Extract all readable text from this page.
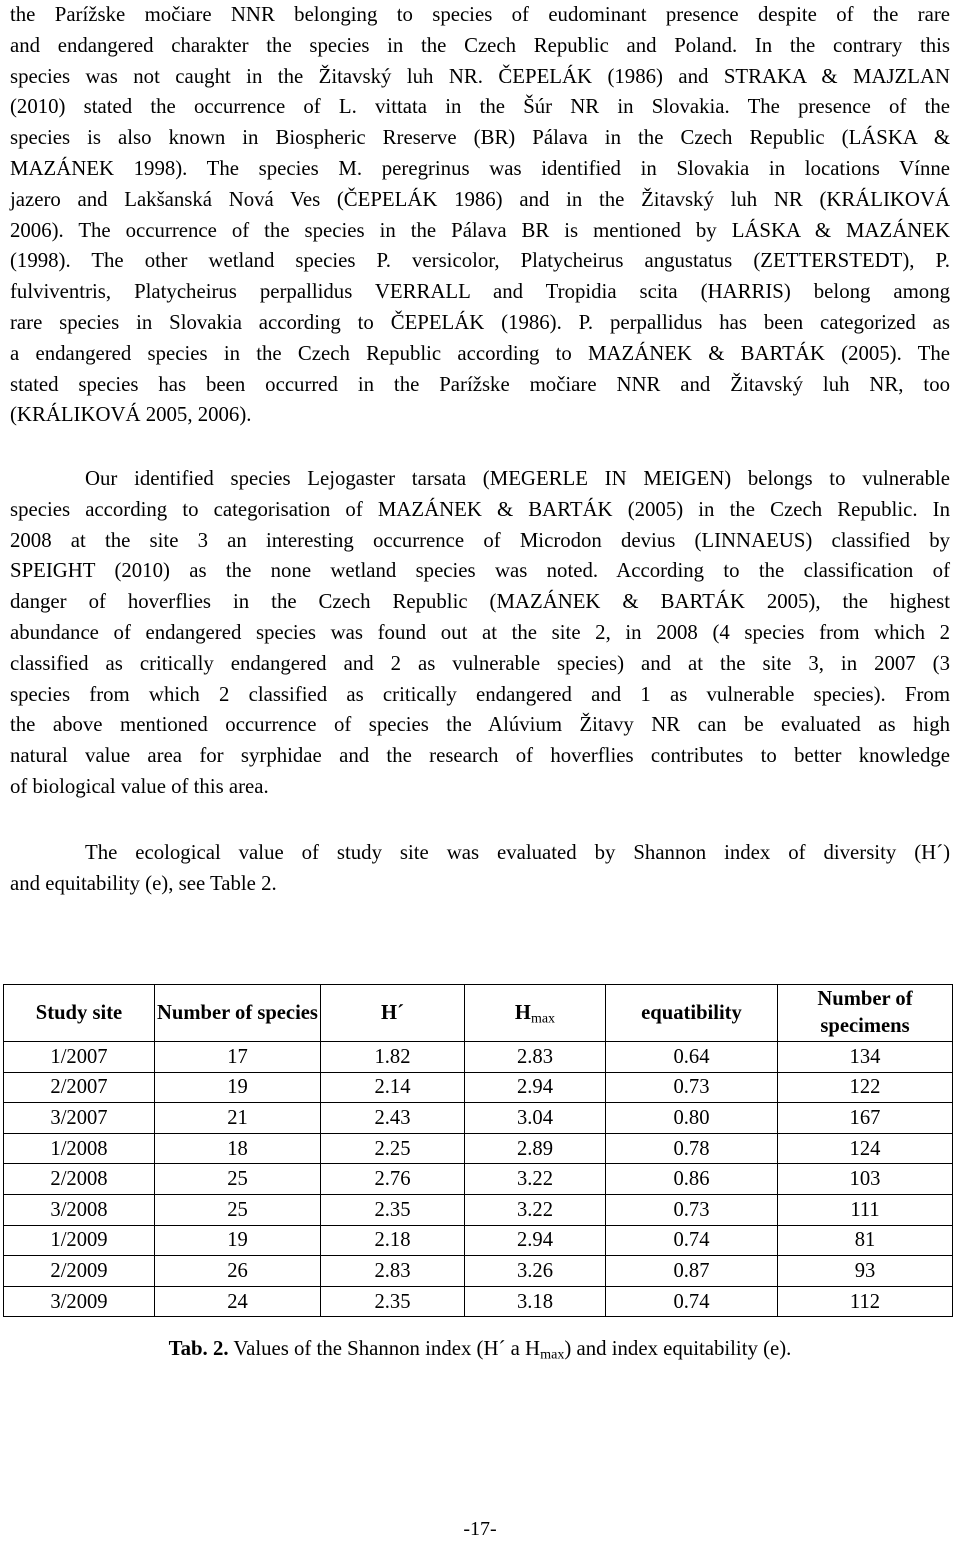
the Parížske močiare NNR belonging to species of eudominant presence despite of the rare
and endangered charakter the species in the Czech Republic and Poland. In the contrary this
species was not caught in the Žitavský luh NR. ČEPELÁK (1986) and STRAKA & MAJZLAN
(2010) stated the occurrence of L. vittata in the Šúr NR in Slovakia. The presence of the
species is also known in Biospheric Rreserve (BR) Pálava in the Czech Republic (LÁSKA &
MAZÁNEK 1998). The species M. peregrinus was identified in Slovakia in locations Vínne
jazero and Lakšanská Nová Ves (ČEPELÁK 1986) and in the Žitavský luh NR (KRÁLIKOVÁ
2006). The occurrence of the species in the Pálava BR is mentioned by LÁSKA & MAZÁNEK
(1998). The other wetland species P. versicolor, Platycheirus angustatus (ZETTERSTEDT), P.
fulviventris, Platycheirus perpallidus VERRALL and Tropidia scita (HARRIS) belong among
rare species in Slovakia according to ČEPELÁK (1986). P. perpallidus has been categorized as
a endangered species in the Czech Republic according to MAZÁNEK & BARTÁK (2005). The
stated species has been occurred in the Parížske močiare NNR and Žitavský luh NR, too
(KRÁLIKOVÁ 2005, 2006).
Our identified species Lejogaster tarsata (MEGERLE IN MEIGEN) belongs to vulnerable
species according to categorisation of MAZÁNEK & BARTÁK (2005) in the Czech Republic. In
2008 at the site 3 an interesting occurrence of Microdon devius (LINNAEUS) classified by
SPEIGHT (2010) as the none wetland species was noted. According to the classification of
danger of hoverflies in the Czech Republic (MAZÁNEK & BARTÁK 2005), the highest
abundance of endangered species was found out at the site 2, in 2008 (4 species from which 2
classified as critically endangered and 2 as vulnerable species) and at the site 3, in 2007 (3
species from which 2 classified as critically endangered and 1 as vulnerable species). From
the above mentioned occurrence of species the Alúvium Žitavy NR can be evaluated as high
natural value area for syrphidae and the research of hoverflies contributes to better knowledge
of biological value of this area.
The ecological value of study site was evaluated by Shannon index of diversity (H´)
and equitability (e), see Table 2.
Study site	Number of species	H´	$H_{max}$	equatibility	Number of specimens
1/2007	17	1.82	2.83	0.64	134
2/2007	19	2.14	2.94	0.73	122
3/2007	21	2.43	3.04	0.80	167
1/2008	18	2.25	2.89	0.78	124
2/2008	25	2.76	3.22	0.86	103
3/2008	25	2.35	3.22	0.73	111
1/2009	19	2.18	2.94	0.74	81
2/2009	26	2.83	3.26	0.87	93
3/2009	24	2.35	3.18	0.74	112
Tab. 2. Values of the Shannon index (H´ a $H_{max}$) and index equitability (e).
-17-
